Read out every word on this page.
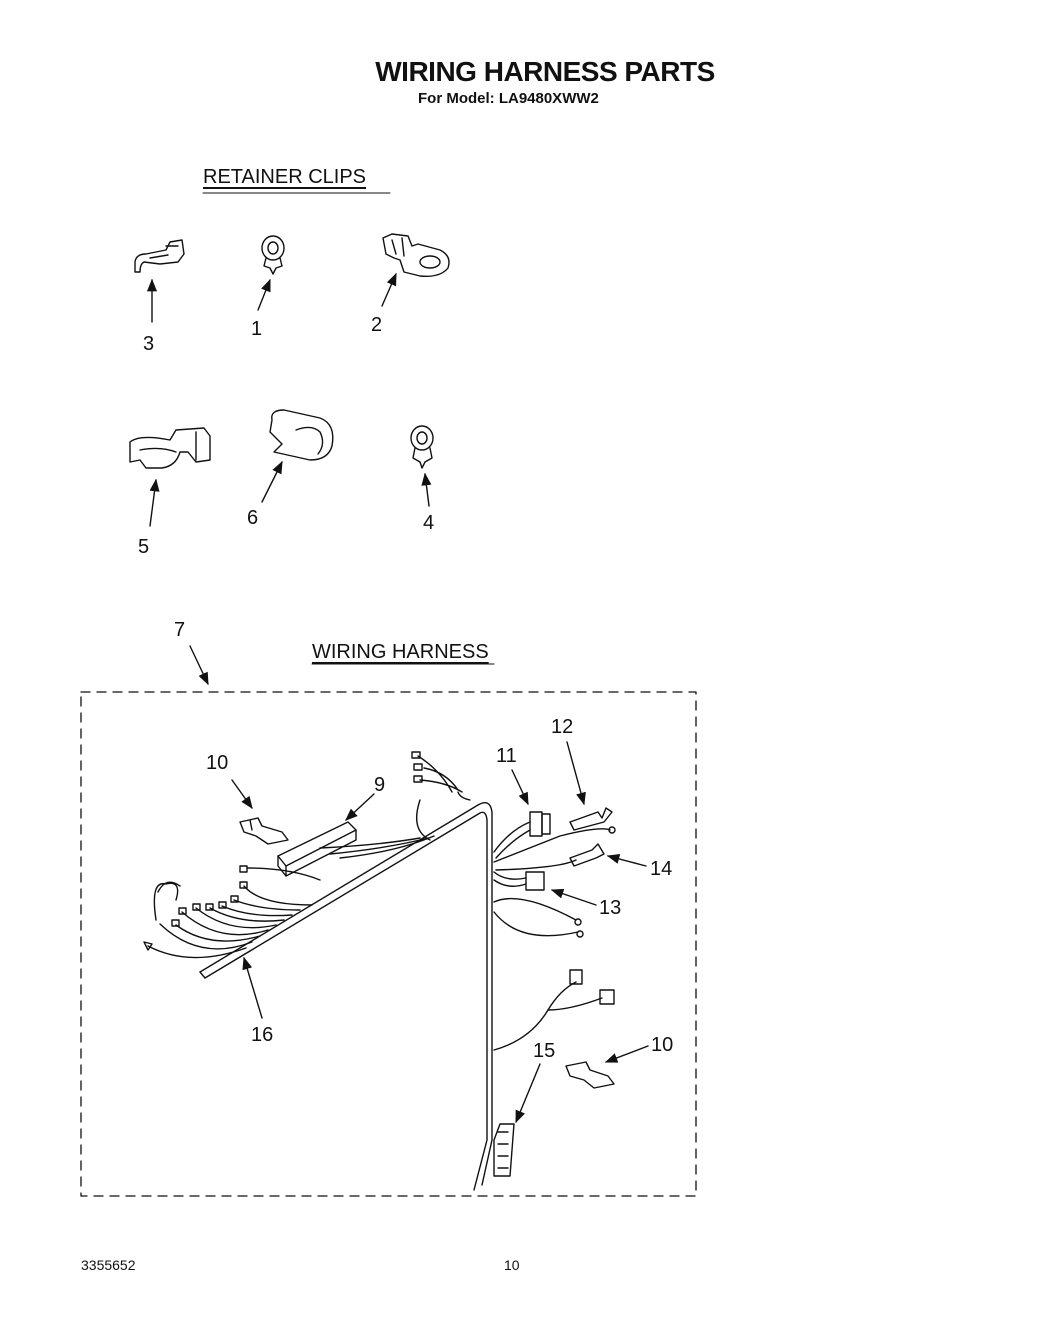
WIRING HARNESS PARTS
For Model: LA9480XWW2
RETAINER CLIPS
WIRING HARNESS
3
1	2
5
6	4
7
10
9
11
12
14
13
16
15	10
3355652	10
